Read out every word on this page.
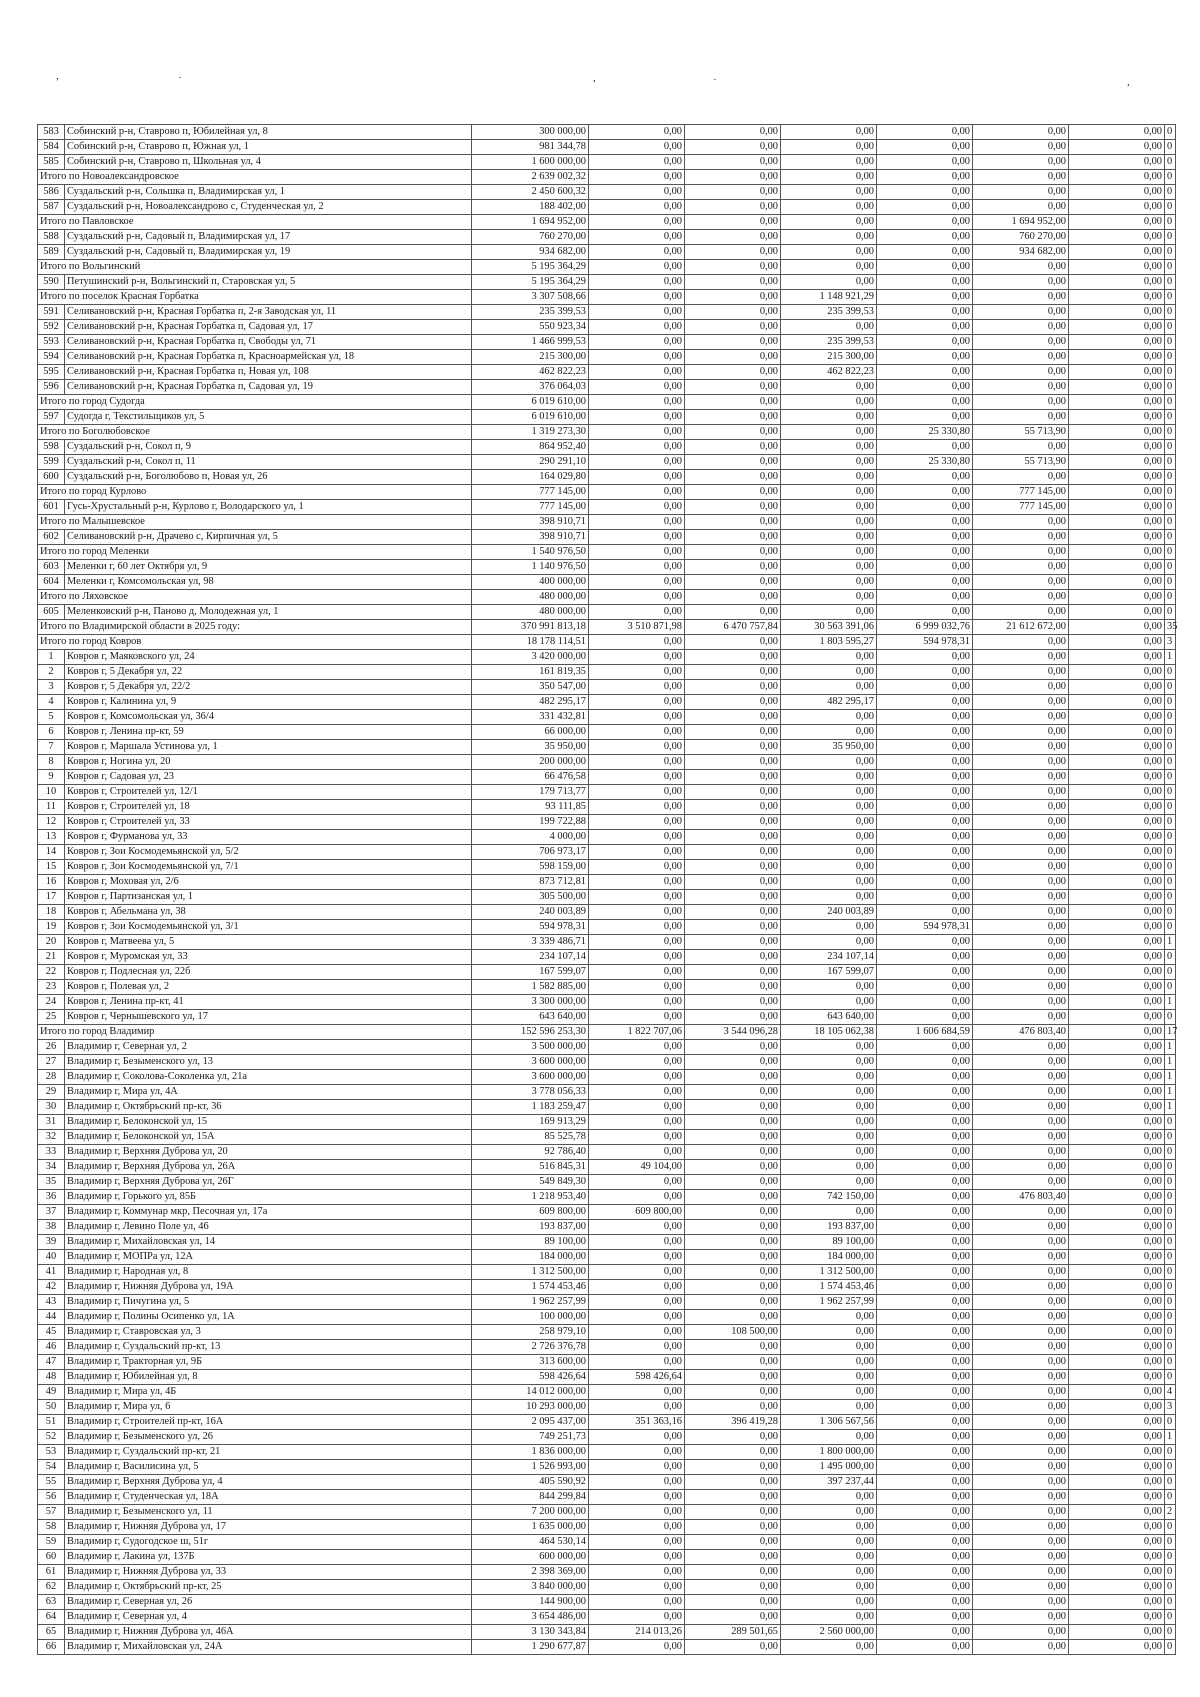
,	·	,	·	,
583	Собинский р-н, Ставрово п, Юбилейная ул, 8	300 000,00	0,00	0,00	0,00	0,00	0,00	0,00	0
584	Собинский р-н, Ставрово п, Южная ул, 1	981 344,78	0,00	0,00	0,00	0,00	0,00	0,00	0
585	Собинский р-н, Ставрово п, Школьная ул, 4	1 600 000,00	0,00	0,00	0,00	0,00	0,00	0,00	0
Итого по Новоалександровское		2 639 002,32	0,00	0,00	0,00	0,00	0,00	0,00	0
586	Суздальский р-н, Сольшка п, Владимирская ул, 1	2 450 600,32	0,00	0,00	0,00	0,00	0,00	0,00	0
587	Суздальский р-н, Новоалександрово с, Студенческая ул, 2	188 402,00	0,00	0,00	0,00	0,00	0,00	0,00	0
Итого по Павловское		1 694 952,00	0,00	0,00	0,00	0,00	1 694 952,00	0,00	0
588	Суздальский р-н, Садовый п, Владимирская ул, 17	760 270,00	0,00	0,00	0,00	0,00	760 270,00	0,00	0
589	Суздальский р-н, Садовый п, Владимирская ул, 19	934 682,00	0,00	0,00	0,00	0,00	934 682,00	0,00	0
Итого по Вольгинский		5 195 364,29	0,00	0,00	0,00	0,00	0,00	0,00	0
590	Петушинский р-н, Вольгинский п, Старовская ул, 5	5 195 364,29	0,00	0,00	0,00	0,00	0,00	0,00	0
Итого по поселок Красная Горбатка		3 307 508,66	0,00	0,00	1 148 921,29	0,00	0,00	0,00	0
591	Селивановский р-н, Красная Горбатка п, 2-я Заводская ул, 11	235 399,53	0,00	0,00	235 399,53	0,00	0,00	0,00	0
592	Селивановский р-н, Красная Горбатка п, Садовая ул, 17	550 923,34	0,00	0,00	0,00	0,00	0,00	0,00	0
593	Селивановский р-н, Красная Горбатка п, Свободы ул, 71	1 466 999,53	0,00	0,00	235 399,53	0,00	0,00	0,00	0
594	Селивановский р-н, Красная Горбатка п, Красноармейская ул, 18	215 300,00	0,00	0,00	215 300,00	0,00	0,00	0,00	0
595	Селивановский р-н, Красная Горбатка п, Новая ул, 108	462 822,23	0,00	0,00	462 822,23	0,00	0,00	0,00	0
596	Селивановский р-н, Красная Горбатка п, Садовая ул, 19	376 064,03	0,00	0,00	0,00	0,00	0,00	0,00	0
Итого по город Судогда		6 019 610,00	0,00	0,00	0,00	0,00	0,00	0,00	0
597	Судогда г, Текстильщиков ул, 5	6 019 610,00	0,00	0,00	0,00	0,00	0,00	0,00	0
Итого по Боголюбовское		1 319 273,30	0,00	0,00	0,00	25 330,80	55 713,90	0,00	0
598	Суздальский р-н, Сокол п, 9	864 952,40	0,00	0,00	0,00	0,00	0,00	0,00	0
599	Суздальский р-н, Сокол п, 11	290 291,10	0,00	0,00	0,00	25 330,80	55 713,90	0,00	0
600	Суздальский р-н, Боголюбово п, Новая ул, 26	164 029,80	0,00	0,00	0,00	0,00	0,00	0,00	0
Итого по город Курлово		777 145,00	0,00	0,00	0,00	0,00	777 145,00	0,00	0
601	Гусь-Хрустальный р-н, Курлово г, Володарского ул, 1	777 145,00	0,00	0,00	0,00	0,00	777 145,00	0,00	0
Итого по Малышевское		398 910,71	0,00	0,00	0,00	0,00	0,00	0,00	0
602	Селивановский р-н, Драчево с, Кирпичная ул, 5	398 910,71	0,00	0,00	0,00	0,00	0,00	0,00	0
Итого по город Меленки		1 540 976,50	0,00	0,00	0,00	0,00	0,00	0,00	0
603	Меленки г, 60 лет Октября ул, 9	1 140 976,50	0,00	0,00	0,00	0,00	0,00	0,00	0
604	Меленки г, Комсомольская ул, 98	400 000,00	0,00	0,00	0,00	0,00	0,00	0,00	0
Итого по Ляховское		480 000,00	0,00	0,00	0,00	0,00	0,00	0,00	0
605	Меленковский р-н, Паново д, Молодежная ул, 1	480 000,00	0,00	0,00	0,00	0,00	0,00	0,00	0
Итого по Владимирской области в 2025 году:		370 991 813,18	3 510 871,98	6 470 757,84	30 563 391,06	6 999 032,76	21 612 672,00	0,00	35
Итого по город Ковров		18 178 114,51	0,00	0,00	1 803 595,27	594 978,31	0,00	0,00	3
1	Ковров г, Маяковского ул, 24	3 420 000,00	0,00	0,00	0,00	0,00	0,00	0,00	1
2	Ковров г, 5 Декабря ул, 22	161 819,35	0,00	0,00	0,00	0,00	0,00	0,00	0
3	Ковров г, 5 Декабря ул, 22/2	350 547,00	0,00	0,00	0,00	0,00	0,00	0,00	0
4	Ковров г, Калинина ул, 9	482 295,17	0,00	0,00	482 295,17	0,00	0,00	0,00	0
5	Ковров г, Комсомольская ул, 36/4	331 432,81	0,00	0,00	0,00	0,00	0,00	0,00	0
6	Ковров г, Ленина пр-кт, 59	66 000,00	0,00	0,00	0,00	0,00	0,00	0,00	0
7	Ковров г, Маршала Устинова ул, 1	35 950,00	0,00	0,00	35 950,00	0,00	0,00	0,00	0
8	Ковров г, Ногина ул, 20	200 000,00	0,00	0,00	0,00	0,00	0,00	0,00	0
9	Ковров г, Садовая ул, 23	66 476,58	0,00	0,00	0,00	0,00	0,00	0,00	0
10	Ковров г, Строителей ул, 12/1	179 713,77	0,00	0,00	0,00	0,00	0,00	0,00	0
11	Ковров г, Строителей ул, 18	93 111,85	0,00	0,00	0,00	0,00	0,00	0,00	0
12	Ковров г, Строителей ул, 33	199 722,88	0,00	0,00	0,00	0,00	0,00	0,00	0
13	Ковров г, Фурманова ул, 33	4 000,00	0,00	0,00	0,00	0,00	0,00	0,00	0
14	Ковров г, Зои Космодемьянской ул, 5/2	706 973,17	0,00	0,00	0,00	0,00	0,00	0,00	0
15	Ковров г, Зои Космодемьянской ул, 7/1	598 159,00	0,00	0,00	0,00	0,00	0,00	0,00	0
16	Ковров г, Моховая ул, 2/6	873 712,81	0,00	0,00	0,00	0,00	0,00	0,00	0
17	Ковров г, Партизанская ул, 1	305 500,00	0,00	0,00	0,00	0,00	0,00	0,00	0
18	Ковров г, Абельмана ул, 38	240 003,89	0,00	0,00	240 003,89	0,00	0,00	0,00	0
19	Ковров г, Зои Космодемьянской ул, 3/1	594 978,31	0,00	0,00	0,00	594 978,31	0,00	0,00	0
20	Ковров г, Матвеева ул, 5	3 339 486,71	0,00	0,00	0,00	0,00	0,00	0,00	1
21	Ковров г, Муромская ул, 33	234 107,14	0,00	0,00	234 107,14	0,00	0,00	0,00	0
22	Ковров г, Подлесная ул, 22б	167 599,07	0,00	0,00	167 599,07	0,00	0,00	0,00	0
23	Ковров г, Полевая ул, 2	1 582 885,00	0,00	0,00	0,00	0,00	0,00	0,00	0
24	Ковров г, Ленина пр-кт, 41	3 300 000,00	0,00	0,00	0,00	0,00	0,00	0,00	1
25	Ковров г, Чернышевского ул, 17	643 640,00	0,00	0,00	643 640,00	0,00	0,00	0,00	0
Итого по город Владимир		152 596 253,30	1 822 707,06	3 544 096,28	18 105 062,38	1 606 684,59	476 803,40	0,00	17
26	Владимир г, Северная ул, 2	3 500 000,00	0,00	0,00	0,00	0,00	0,00	0,00	1
27	Владимир г, Безыменского ул, 13	3 600 000,00	0,00	0,00	0,00	0,00	0,00	0,00	1
28	Владимир г, Соколова-Соколенка ул, 21а	3 600 000,00	0,00	0,00	0,00	0,00	0,00	0,00	1
29	Владимир г, Мира ул, 4А	3 778 056,33	0,00	0,00	0,00	0,00	0,00	0,00	1
30	Владимир г, Октябрьский пр-кт, 36	1 183 259,47	0,00	0,00	0,00	0,00	0,00	0,00	1
31	Владимир г, Белоконской ул, 15	169 913,29	0,00	0,00	0,00	0,00	0,00	0,00	0
32	Владимир г, Белоконской ул, 15А	85 525,78	0,00	0,00	0,00	0,00	0,00	0,00	0
33	Владимир г, Верхняя Дуброва ул, 20	92 786,40	0,00	0,00	0,00	0,00	0,00	0,00	0
34	Владимир г, Верхняя Дуброва ул, 26А	516 845,31	49 104,00	0,00	0,00	0,00	0,00	0,00	0
35	Владимир г, Верхняя Дуброва ул, 26Г	549 849,30	0,00	0,00	0,00	0,00	0,00	0,00	0
36	Владимир г, Горького ул, 85Б	1 218 953,40	0,00	0,00	742 150,00	0,00	476 803,40	0,00	0
37	Владимир г, Коммунар мкр, Песочная ул, 17а	609 800,00	609 800,00	0,00	0,00	0,00	0,00	0,00	0
38	Владимир г, Левино Поле ул, 46	193 837,00	0,00	0,00	193 837,00	0,00	0,00	0,00	0
39	Владимир г, Михайловская ул, 14	89 100,00	0,00	0,00	89 100,00	0,00	0,00	0,00	0
40	Владимир г, МОПРа ул, 12А	184 000,00	0,00	0,00	184 000,00	0,00	0,00	0,00	0
41	Владимир г, Народная ул, 8	1 312 500,00	0,00	0,00	1 312 500,00	0,00	0,00	0,00	0
42	Владимир г, Нижняя Дуброва ул, 19А	1 574 453,46	0,00	0,00	1 574 453,46	0,00	0,00	0,00	0
43	Владимир г, Пичугина ул, 5	1 962 257,99	0,00	0,00	1 962 257,99	0,00	0,00	0,00	0
44	Владимир г, Полины Осипенко ул, 1А	100 000,00	0,00	0,00	0,00	0,00	0,00	0,00	0
45	Владимир г, Ставровская ул, 3	258 979,10	0,00	108 500,00	0,00	0,00	0,00	0,00	0
46	Владимир г, Суздальский пр-кт, 13	2 726 376,78	0,00	0,00	0,00	0,00	0,00	0,00	0
47	Владимир г, Тракторная ул, 9Б	313 600,00	0,00	0,00	0,00	0,00	0,00	0,00	0
48	Владимир г, Юбилейная ул, 8	598 426,64	598 426,64	0,00	0,00	0,00	0,00	0,00	0
49	Владимир г, Мира ул, 4Б	14 012 000,00	0,00	0,00	0,00	0,00	0,00	0,00	4
50	Владимир г, Мира ул, 6	10 293 000,00	0,00	0,00	0,00	0,00	0,00	0,00	3
51	Владимир г, Строителей пр-кт, 16А	2 095 437,00	351 363,16	396 419,28	1 306 567,56	0,00	0,00	0,00	0
52	Владимир г, Безыменского ул, 26	749 251,73	0,00	0,00	0,00	0,00	0,00	0,00	1
53	Владимир г, Суздальский пр-кт, 21	1 836 000,00	0,00	0,00	1 800 000,00	0,00	0,00	0,00	0
54	Владимир г, Василисина ул, 5	1 526 993,00	0,00	0,00	1 495 000,00	0,00	0,00	0,00	0
55	Владимир г, Верхняя Дуброва ул, 4	405 590,92	0,00	0,00	397 237,44	0,00	0,00	0,00	0
56	Владимир г, Студенческая ул, 18А	844 299,84	0,00	0,00	0,00	0,00	0,00	0,00	0
57	Владимир г, Безыменского ул, 11	7 200 000,00	0,00	0,00	0,00	0,00	0,00	0,00	2
58	Владимир г, Нижняя Дуброва ул, 17	1 635 000,00	0,00	0,00	0,00	0,00	0,00	0,00	0
59	Владимир г, Судогодское ш, 51г	464 530,14	0,00	0,00	0,00	0,00	0,00	0,00	0
60	Владимир г, Лакина ул, 137Б	600 000,00	0,00	0,00	0,00	0,00	0,00	0,00	0
61	Владимир г, Нижняя Дуброва ул, 33	2 398 369,00	0,00	0,00	0,00	0,00	0,00	0,00	0
62	Владимир г, Октябрьский пр-кт, 25	3 840 000,00	0,00	0,00	0,00	0,00	0,00	0,00	0
63	Владимир г, Северная ул, 26	144 900,00	0,00	0,00	0,00	0,00	0,00	0,00	0
64	Владимир г, Северная ул, 4	3 654 486,00	0,00	0,00	0,00	0,00	0,00	0,00	0
65	Владимир г, Нижняя Дуброва ул, 46А	3 130 343,84	214 013,26	289 501,65	2 560 000,00	0,00	0,00	0,00	0
66	Владимир г, Михайловская ул, 24А	1 290 677,87	0,00	0,00	0,00	0,00	0,00	0,00	0
